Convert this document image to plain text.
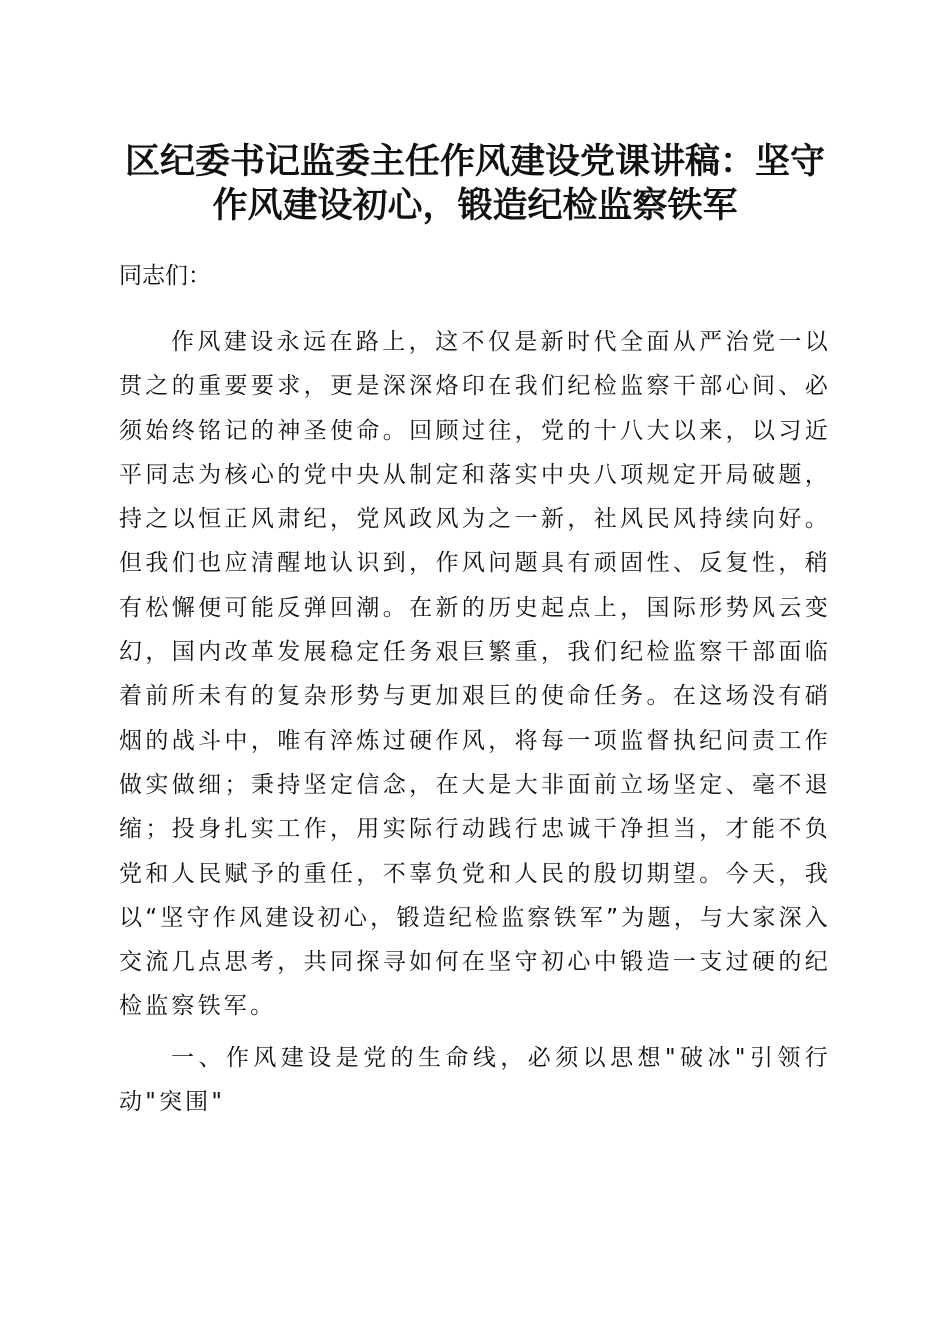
区纪委书记监委主任作风建设党课讲稿：坚守
作风建设初心，锻造纪检监察铁军

同志们：

作风建设永远在路上，这不仅是新时代全面从严治党一以贯之的重要要求，更是深深烙印在我们纪检监察干部心间、必须始终铭记的神圣使命。回顾过往，党的十八大以来，以习近平同志为核心的党中央从制定和落实中央八项规定开局破题，持之以恒正风肃纪，党风政风为之一新，社风民风持续向好。但我们也应清醒地认识到，作风问题具有顽固性、反复性，稍有松懈便可能反弹回潮。在新的历史起点上，国际形势风云变幻，国内改革发展稳定任务艰巨繁重，我们纪检监察干部面临着前所未有的复杂形势与更加艰巨的使命任务。在这场没有硝烟的战斗中，唯有淬炼过硬作风，将每一项监督执纪问责工作做实做细；秉持坚定信念，在大是大非面前立场坚定、毫不退缩；投身扎实工作，用实际行动践行忠诚干净担当，才能不负党和人民赋予的重任，不辜负党和人民的殷切期望。今天，我以“坚守作风建设初心，锻造纪检监察铁军”为题，与大家深入交流几点思考，共同探寻如何在坚守初心中锻造一支过硬的纪检监察铁军。

一、作风建设是党的生命线，必须以思想"破冰"引领行动"突围"
